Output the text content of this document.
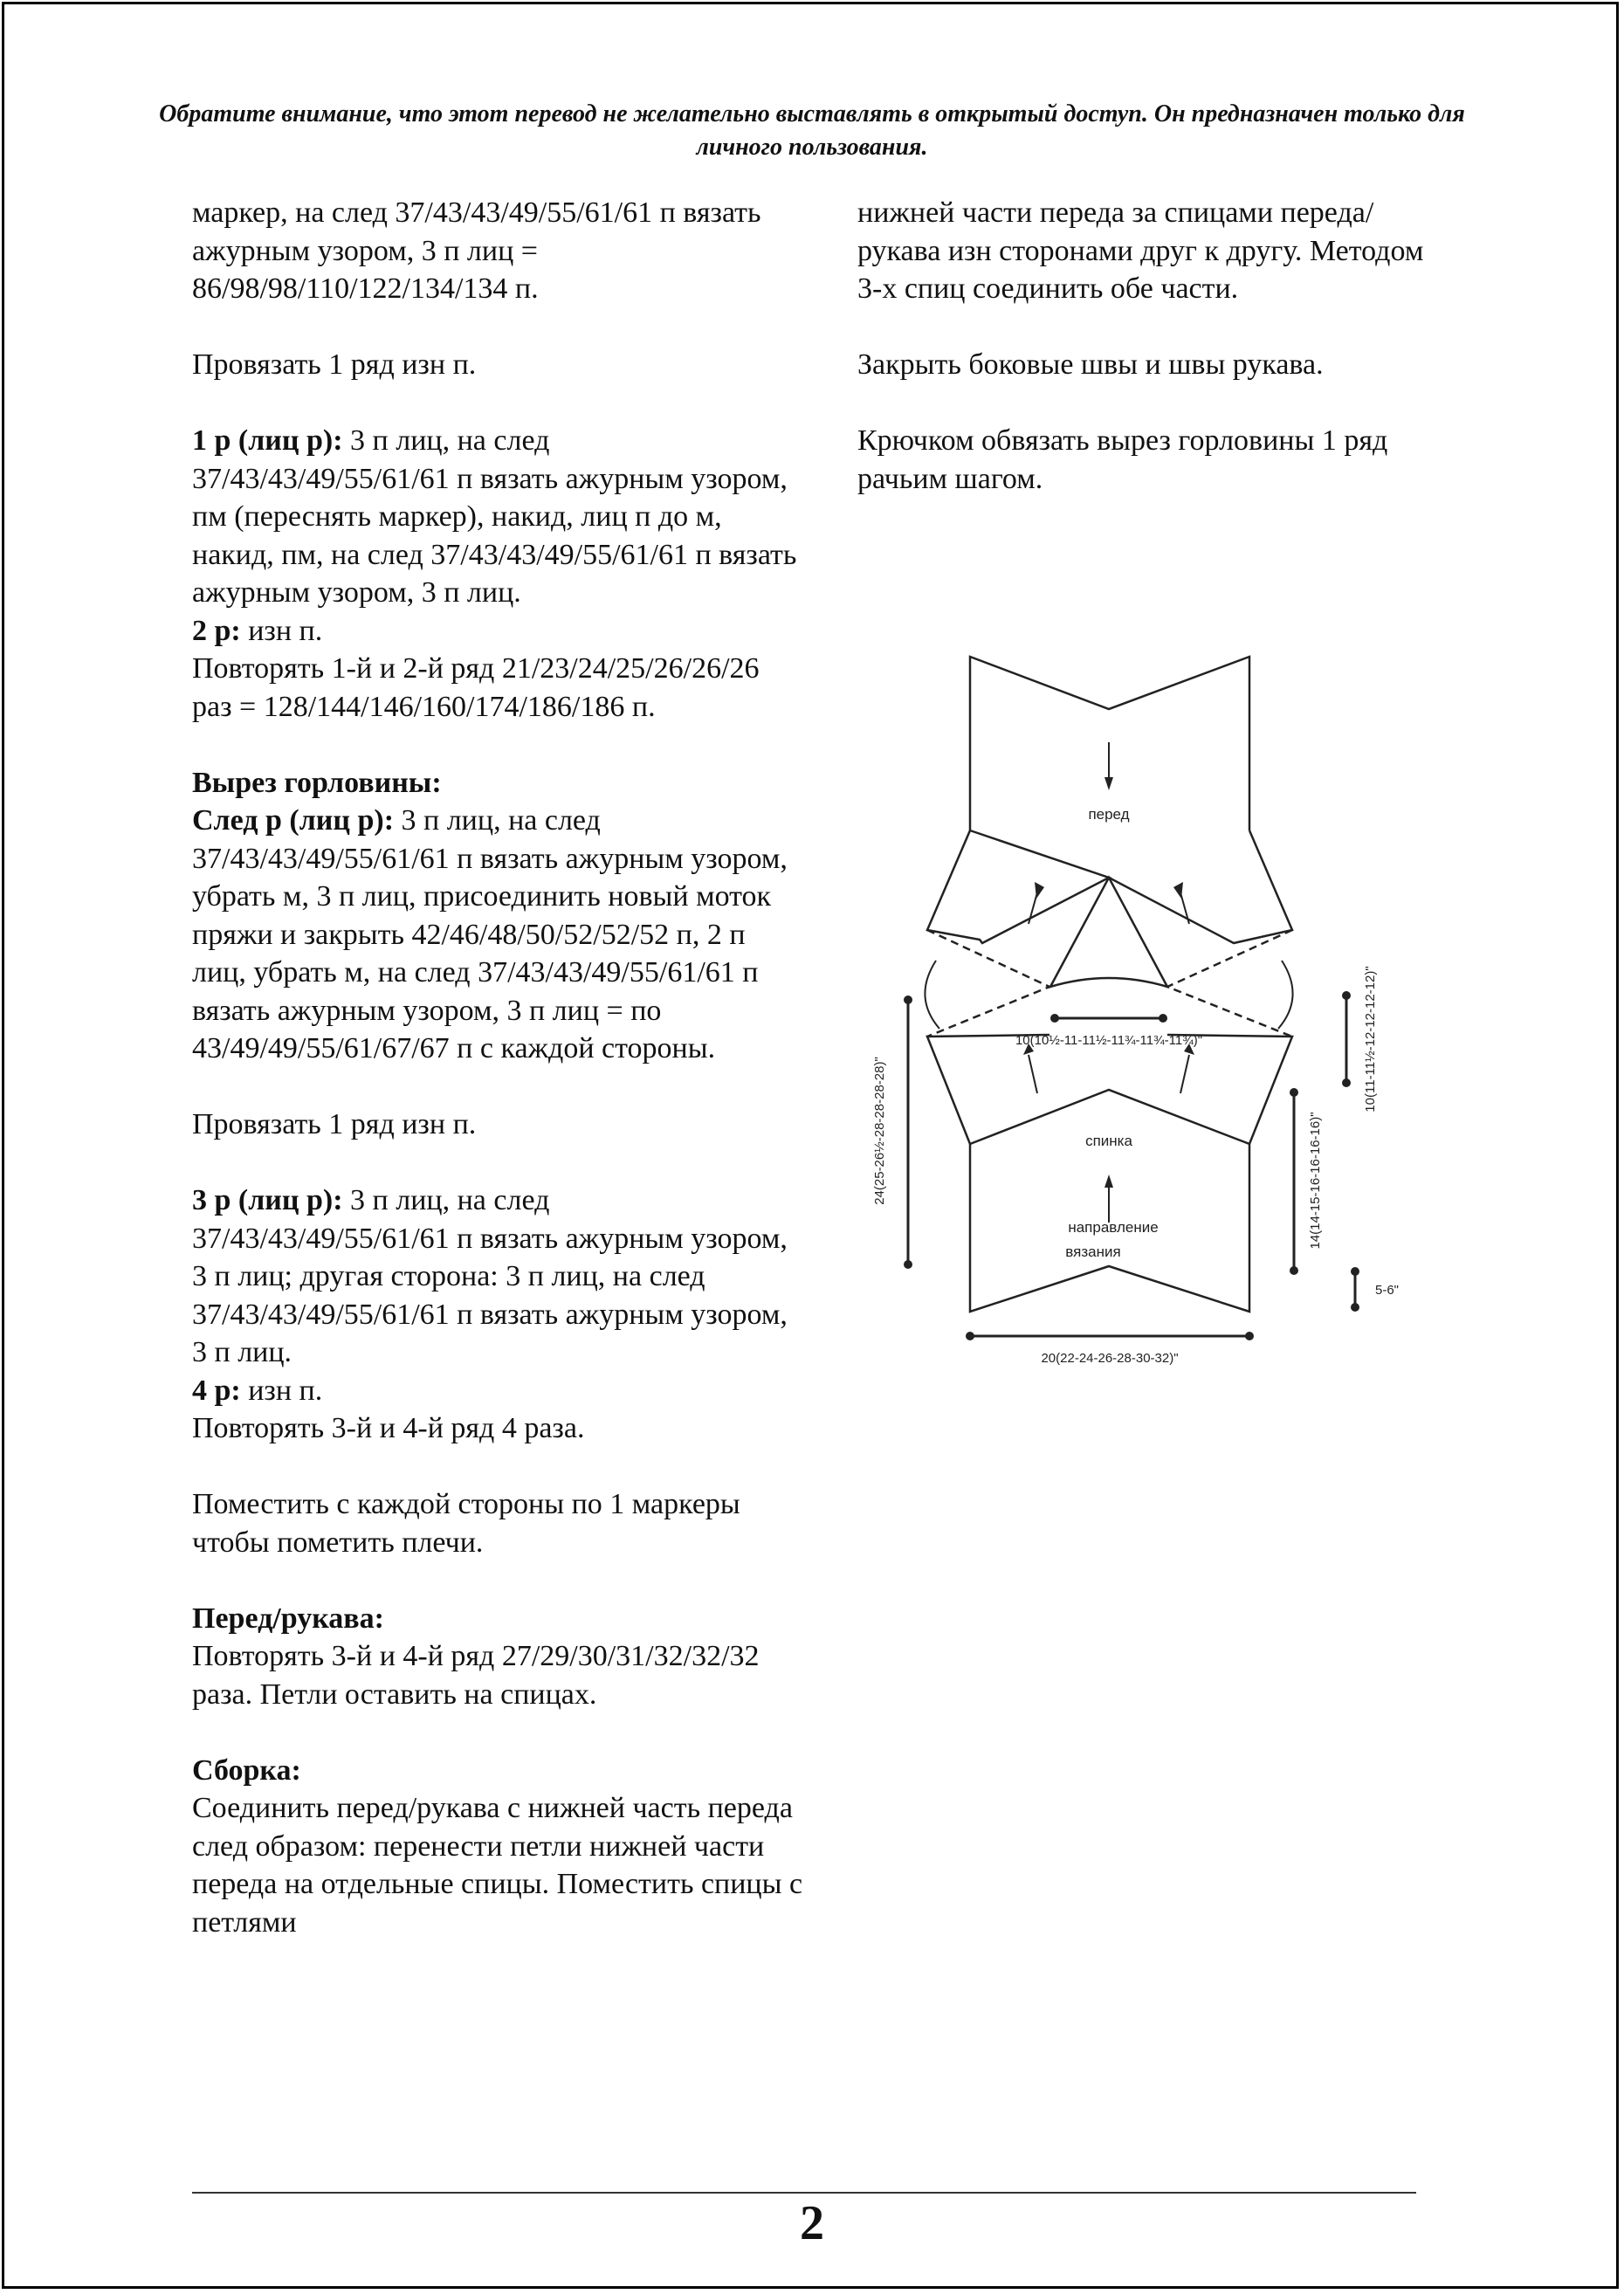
Обратите внимание, что этот перевод не желательно выставлять в открытый доступ. Он предназначен только для личного пользования.

маркер, на след 37/43/43/49/55/61/61 п вязать ажурным узором, 3 п лиц = 86/98/98/110/122/134/134 п.

Провязать 1 ряд изн п.

1 р (лиц р): 3 п лиц, на след 37/43/43/49/55/61/61 п вязать ажурным узором, пм (переснять маркер), накид, лиц п до м, накид, пм, на след 37/43/43/49/55/61/61 п вязать ажурным узором, 3 п лиц.

2 р: изн п.

Повторять 1-й и 2-й ряд 21/23/24/25/26/26/26 раз = 128/144/146/160/174/186/186 п.

Вырез горловины:

След р (лиц р): 3 п лиц, на след 37/43/43/49/55/61/61 п вязать ажурным узором, убрать м, 3 п лиц, присоединить новый моток пряжи и закрыть 42/46/48/50/52/52/52 п, 2 п лиц, убрать м, на след 37/43/43/49/55/61/61 п вязать ажурным узором, 3 п лиц = по 43/49/49/55/61/67/67 п с каждой стороны.

Провязать 1 ряд изн п.

3 р (лиц р): 3 п лиц, на след 37/43/43/49/55/61/61 п вязать ажурным узором, 3 п лиц; другая сторона: 3 п лиц, на след 37/43/43/49/55/61/61 п вязать ажурным узором, 3 п лиц.

4 р: изн п.

Повторять 3-й и 4-й ряд 4 раза.

Поместить с каждой стороны по 1 маркеры чтобы пометить плечи.

Перед/рукава:

Повторять 3-й и 4-й ряд 27/29/30/31/32/32/32 раза. Петли оставить на спицах.

Сборка:

Соединить перед/рукава с нижней часть переда след образом: перенести петли нижней части переда на отдельные спицы. Поместить спицы с петлями

нижней части переда за спицами переда/рукава изн сторонами друг к другу. Методом 3-х спиц соединить обе части.

Закрыть боковые швы и швы рукава.

Крючком обвязать вырез горловины 1 ряд рачьим шагом.

перед
спинка
направление
вязания
10(10½-11-11½-11¾-11¾-11¾)"
24(25-26½-28-28-28-28)"
10(11-11½-12-12-12-12)"
14(14-15-16-16-16-16)"
5-6"
20(22-24-26-28-30-32)"
2
